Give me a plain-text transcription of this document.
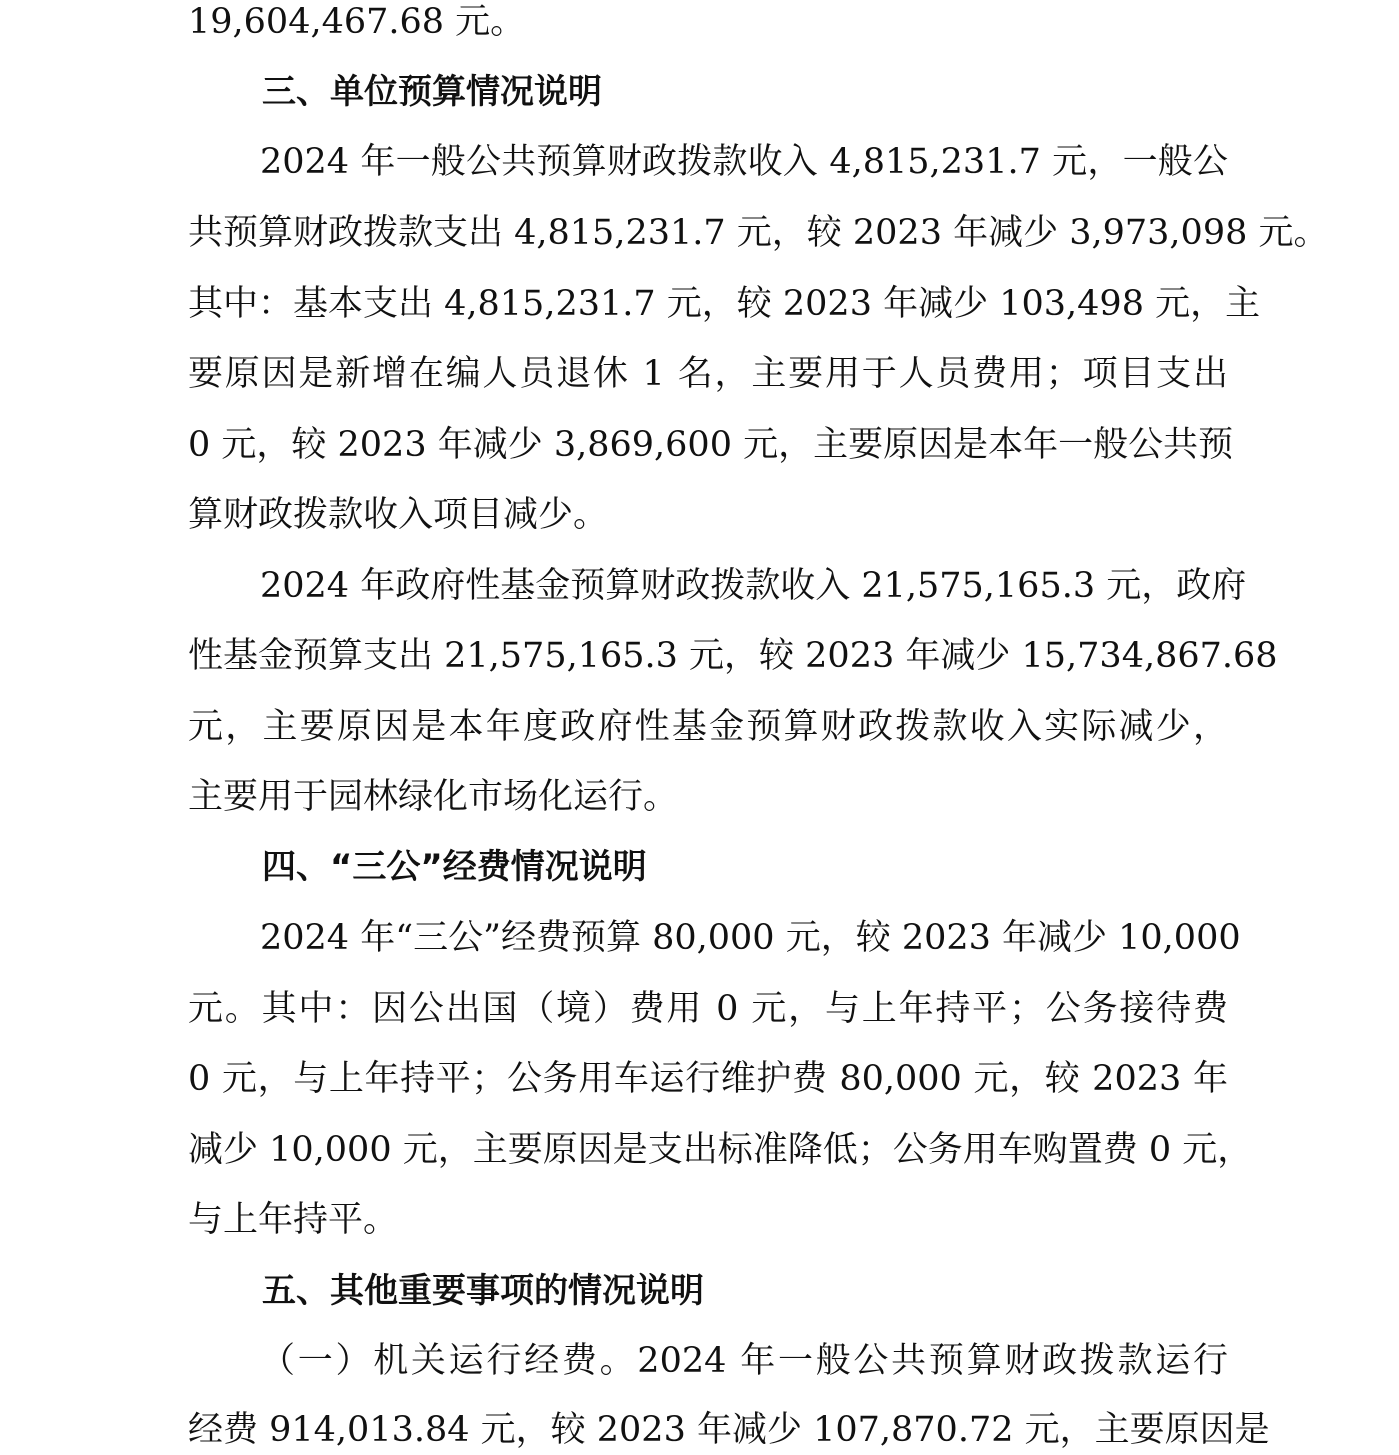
19,604,467.68 元。
三、单位预算情况说明
2024 年一般公共预算财政拨款收入 4,815,231.7 元，一般公
共预算财政拨款支出 4,815,231.7 元，较 2023 年减少 3,973,098 元。
其中：基本支出 4,815,231.7 元，较 2023 年减少 103,498 元，主
要原因是新增在编人员退休 1 名，主要用于人员费用；项目支出
0 元，较 2023 年减少 3,869,600 元，主要原因是本年一般公共预
算财政拨款收入项目减少。
2024 年政府性基金预算财政拨款收入 21,575,165.3 元，政府
性基金预算支出 21,575,165.3 元，较 2023 年减少 15,734,867.68
元，主要原因是本年度政府性基金预算财政拨款收入实际减少，
主要用于园林绿化市场化运行。
四、“三公”经费情况说明
2024 年“三公”经费预算 80,000 元，较 2023 年减少 10,000
元。其中：因公出国（境）费用 0 元，与上年持平；公务接待费
0 元，与上年持平；公务用车运行维护费 80,000 元，较 2023 年
减少 10,000 元，主要原因是支出标准降低；公务用车购置费 0 元，
与上年持平。
五、其他重要事项的情况说明
（一）机关运行经费。2024 年一般公共预算财政拨款运行
经费 914,013.84 元，较 2023 年减少 107,870.72 元，主要原因是
